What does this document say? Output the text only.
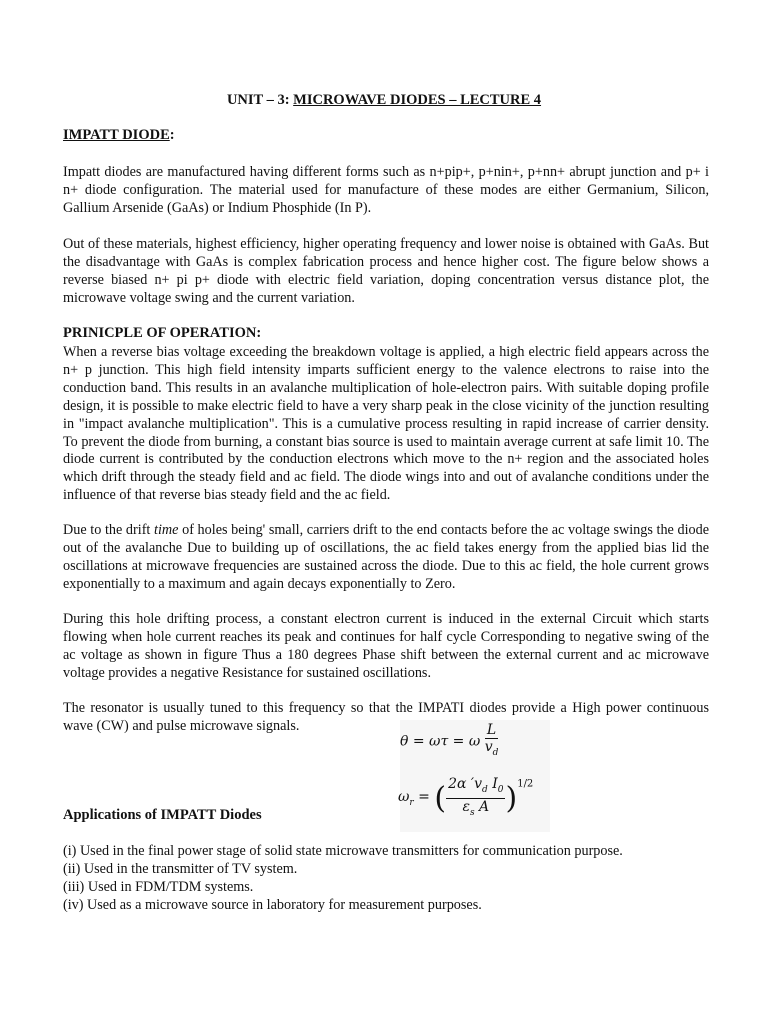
UNIT – 3: MICROWAVE DIODES – LECTURE 4
IMPATT DIODE:

Impatt diodes are manufactured having different forms such as n+pip+, p+nin+, p+nn+ abrupt junction and p+ i n+ diode configuration. The material used for manufacture of these modes are either Germanium, Silicon, Gallium Arsenide (GaAs) or Indium Phosphide (In P).

Out of these materials, highest efficiency, higher operating frequency and lower noise is obtained with GaAs. But the disadvantage with GaAs is complex fabrication process and hence higher cost. The figure below shows a reverse biased n+ pi p+ diode with electric field variation, doping concentration versus distance plot, the microwave voltage swing and the current variation.

PRINICPLE OF OPERATION:

When a reverse bias voltage exceeding the breakdown voltage is applied, a high electric field appears across the n+ p junction. This high field intensity imparts sufficient energy to the valence electrons to raise into the conduction band. This results in an avalanche multiplication of hole-electron pairs. With suitable doping profile design, it is possible to make electric field to have a very sharp peak in the close vicinity of the junction resulting in "impact avalanche multiplication". This is a cumulative process resulting in rapid increase of carrier density. To prevent the diode from burning, a constant bias source is used to maintain average current at safe limit 10. The diode current is contributed by the conduction electrons which move to the n+ region and the associated holes which drift through the steady field and ac field. The diode wings into and out of avalanche conditions under the influence of that reverse bias steady field and the ac field.

Due to the drift time of holes being' small, carriers drift to the end contacts before the ac voltage swings the diode out of the avalanche Due to building up of oscillations, the ac field takes energy from the applied bias lid the oscillations at microwave frequencies are sustained across the diode. Due to this ac field, the hole current grows exponentially to a maximum and again decays exponentially to Zero.

During this hole drifting process, a constant electron current is induced in the external Circuit which starts flowing when hole current reaches its peak and continues for half cycle Corresponding to negative swing of the ac voltage as shown in figure Thus a 180 degrees Phase shift between the external current and ac microwave voltage provides a negative Resistance for sustained oscillations.

The resonator is usually tuned to this frequency so that the IMPATI diodes provide a High power continuous wave (CW) and pulse microwave signals.

θ = ωτ = ω $\frac{L}{v_d}$
$\omega_r$ = ( $\frac{2\alpha 'v_d I_0}{\varepsilon_s A} )^{1/2}$
Applications of IMPATT Diodes
(i) Used in the final power stage of solid state microwave transmitters for communication purpose.
(ii) Used in the transmitter of TV system.
(iii) Used in FDM/TDM systems.
(iv) Used as a microwave source in laboratory for measurement purposes.
